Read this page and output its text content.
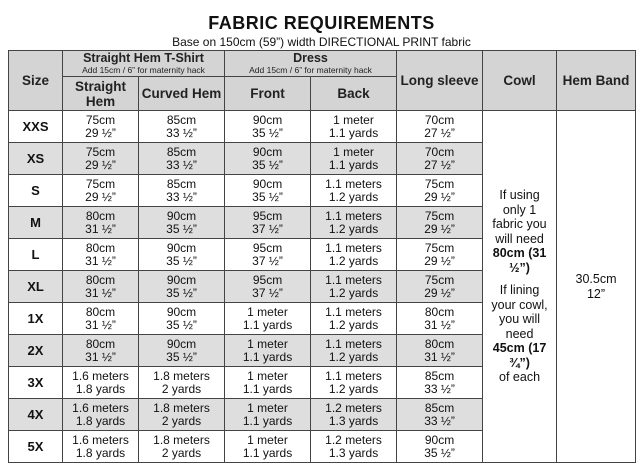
FABRIC REQUIREMENTS
Base on 150cm (59”) width DIRECTIONAL PRINT fabric
Size	Straight Hem T-Shirt
Add 15cm / 6” for maternity hack		Dress
Add 15cm / 6” for maternity hack		Long sleeve	Cowl	Hem Band
	Straight Hem	Curved Hem	Front	Back			
XXS	75cm
29 ½”	85cm
33 ½”	90cm
35 ½”	1 meter
1.1 yards	70cm
27 ½”	If using only 1 fabric you will need
80cm (31 ½”)
If lining your cowl, you will need
45cm (17 ¾”)
of each	30.5cm
12”

XS	75cm
29 ½”	85cm
33 ½”	90cm
35 ½”	1 meter
1.1 yards	70cm
27 ½”		

S	75cm
29 ½”	85cm
33 ½”	90cm
35 ½”	1.1 meters
1.2 yards	75cm
29 ½”		

M	80cm
31 ½”	90cm
35 ½”	95cm
37 ½”	1.1 meters
1.2 yards	75cm
29 ½”		

L	80cm
31 ½”	90cm
35 ½”	95cm
37 ½”	1.1 meters
1.2 yards	75cm
29 ½”		

XL	80cm
31 ½”	90cm
35 ½”	95cm
37 ½”	1.1 meters
1.2 yards	75cm
29 ½”		

1X	80cm
31 ½”	90cm
35 ½”	1 meter
1.1 yards	1.1 meters
1.2 yards	80cm
31 ½”		

2X	80cm
31 ½”	90cm
35 ½”	1 meter
1.1 yards	1.1 meters
1.2 yards	80cm
31 ½”		

3X	1.6 meters
1.8 yards	1.8 meters
2 yards	1 meter
1.1 yards	1.1 meters
1.2 yards	85cm
33 ½”		

4X	1.6 meters
1.8 yards	1.8 meters
2 yards	1 meter
1.1 yards	1.2 meters
1.3 yards	85cm
33 ½”		

5X	1.6 meters
1.8 yards	1.8 meters
2 yards	1 meter
1.1 yards	1.2 meters
1.3 yards	90cm
35 ½”		
